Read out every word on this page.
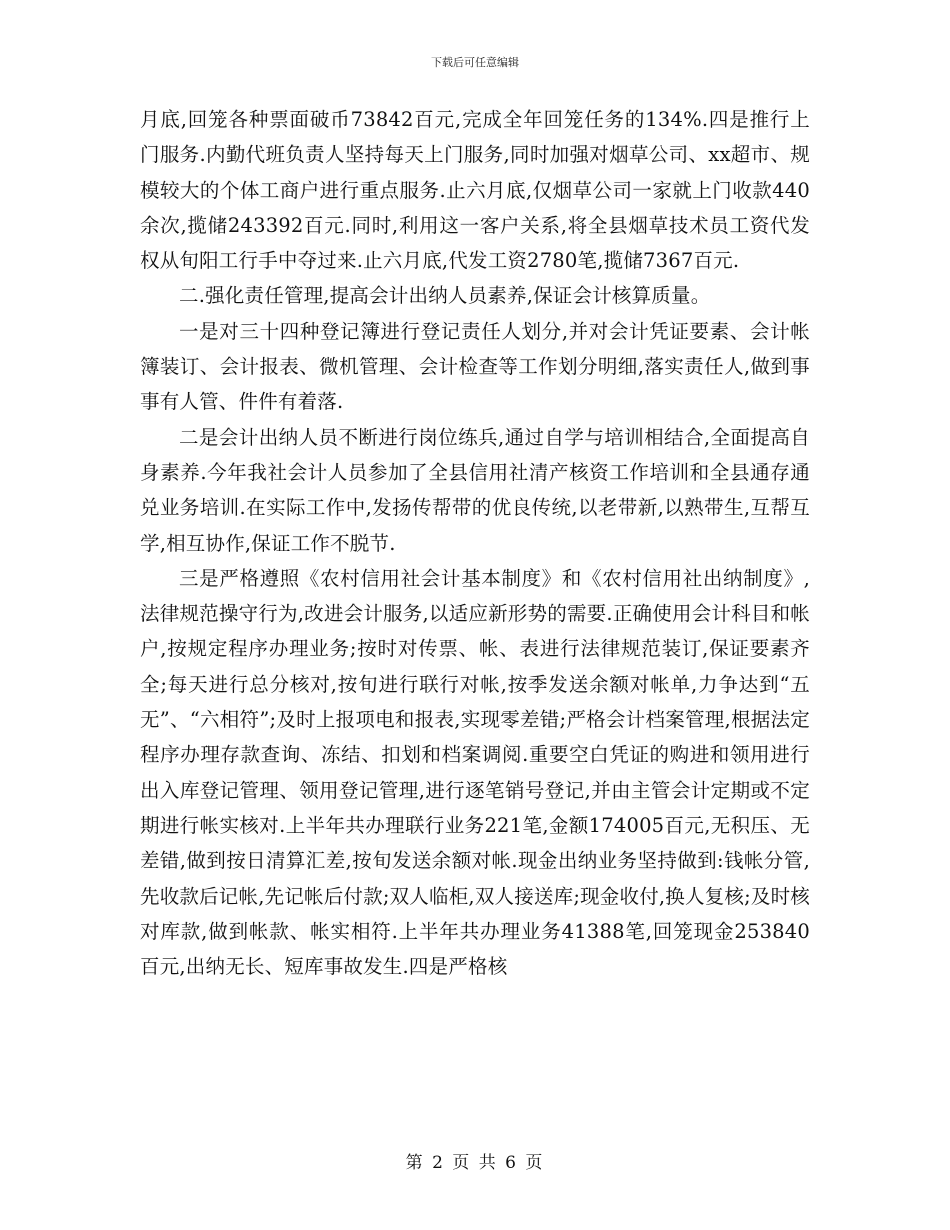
下载后可任意编辑

月底,回笼各种票面破币73842百元,完成全年回笼任务的134%.四是推行上门服务.内勤代班负责人坚持每天上门服务,同时加强对烟草公司、xx超市、规模较大的个体工商户进行重点服务.止六月底,仅烟草公司一家就上门收款440余次,揽储243392百元.同时,利用这一客户关系,将全县烟草技术员工资代发权从旬阳工行手中夺过来.止六月底,代发工资2780笔,揽储7367百元.

二.强化责任管理,提高会计出纳人员素养,保证会计核算质量。

一是对三十四种登记簿进行登记责任人划分,并对会计凭证要素、会计帐簿装订、会计报表、微机管理、会计检查等工作划分明细,落实责任人,做到事事有人管、件件有着落.

二是会计出纳人员不断进行岗位练兵,通过自学与培训相结合,全面提高自身素养.今年我社会计人员参加了全县信用社清产核资工作培训和全县通存通兑业务培训.在实际工作中,发扬传帮带的优良传统,以老带新,以熟带生,互帮互学,相互协作,保证工作不脱节.

三是严格遵照《农村信用社会计基本制度》和《农村信用社出纳制度》,法律规范操守行为,改进会计服务,以适应新形势的需要.正确使用会计科目和帐户,按规定程序办理业务;按时对传票、帐、表进行法律规范装订,保证要素齐全;每天进行总分核对,按旬进行联行对帐,按季发送余额对帐单,力争达到“五无”、“六相符”;及时上报项电和报表,实现零差错;严格会计档案管理,根据法定程序办理存款查询、冻结、扣划和档案调阅.重要空白凭证的购进和领用进行出入库登记管理、领用登记管理,进行逐笔销号登记,并由主管会计定期或不定期进行帐实核对.上半年共办理联行业务221笔,金额174005百元,无积压、无差错,做到按日清算汇差,按旬发送余额对帐.现金出纳业务坚持做到:钱帐分管,先收款后记帐,先记帐后付款;双人临柜,双人接送库;现金收付,换人复核;及时核对库款,做到帐款、帐实相符.上半年共办理业务41388笔,回笼现金253840百元,出纳无长、短库事故发生.四是严格核

第 2 页 共 6 页
